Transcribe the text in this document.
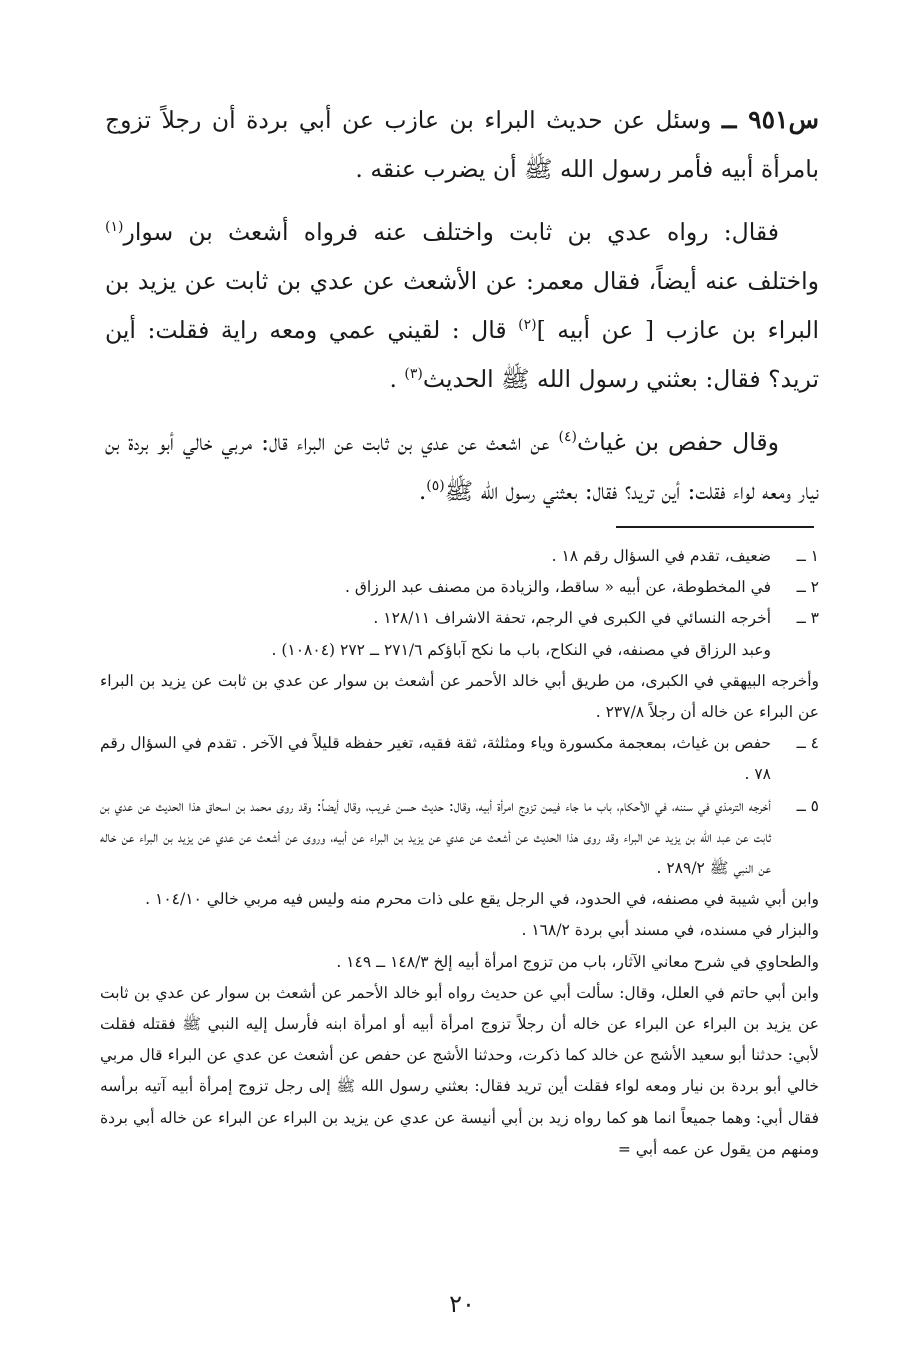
س٩٥١ ــ وسئل عن حديث البراء بن عازب عن أبي بردة أن رجلاً تزوج بامرأة أبيه فأمر رسول الله ﷺ أن يضرب عنقه .

فقال: رواه عدي بن ثابت واختلف عنه فرواه أشعث بن سوار$^{(١)}$ واختلف عنه أيضاً، فقال معمر: عن الأشعث عن عدي بن ثابت عن يزيد بن البراء بن عازب [ عن أبيه ]$^{(٢)}$ قال : لقيني عمي ومعه راية فقلت: أين تريد؟ فقال: بعثني رسول الله ﷺ الحديث$^{(٣)}$ .

وقال حفص بن غياث$^{(٤)}$ عن اشعث عن عدي بن ثابت عن البراء قال: مربي خالي أبو بردة بن نيار ومعه لواء فقلت: أين تريد؟ فقال: بعثني رسول الله ﷺ$^{(٥)}$.

١ ــ
ضعيف، تقدم في السؤال رقم ١٨ .
٢ ــ
في المخطوطة، عن أبيه « ساقط، والزيادة من مصنف عبد الرزاق .
٣ ــ
أخرجه النسائي في الكبرى في الرجم، تحفة الاشراف ١٢٨/١١ .
وعبد الرزاق في مصنفه، في النكاح، باب ما نكح آباؤكم ٢٧١/٦ ــ ٢٧٢ (١٠٨٠٤) .
وأخرجه البيهقي في الكبرى، من طريق أبي خالد الأحمر عن أشعث بن سوار عن عدي بن ثابت عن يزيد بن البراء عن البراء عن خاله أن رجلاً ٢٣٧/٨ .
٤ ــ
حفص بن غياث، بمعجمة مكسورة وياء ومثلثة، ثقة فقيه، تغير حفظه قليلاً في الآخر . تقدم في السؤال رقم ٧٨ .
٥ ــ
أخرجه الترمذي في سننه، في الأحكام، باب ما جاء فيمن تزوج امرأة أبيه، وقال: حديث حسن غريب، وقال أيضاً: وقد روى محمد بن اسحاق هذا الحديث عن عدي بن ثابت عن عبد الله بن يزيد عن البراء وقد روى هذا الحديث عن أشعث عن عدي عن يزيد بن البراء عن أبيه، وروى عن أشعث عن عدي عن يزيد بن البراء عن خاله عن النبي ﷺ ٢٨٩/٢ .
وابن أبي شيبة في مصنفه، في الحدود، في الرجل يقع على ذات محرم منه وليس فيه مربي خالي ١٠٤/١٠ .
والبزار في مسنده، في مسند أبي بردة ١٦٨/٢ .
والطحاوي في شرح معاني الآثار، باب من تزوج امرأة أبيه إلخ ١٤٨/٣ ــ ١٤٩ .
وابن أبي حاتم في العلل، وقال: سألت أبي عن حديث رواه أبو خالد الأحمر عن أشعث بن سوار عن عدي بن ثابت عن يزيد بن البراء عن البراء عن خاله أن رجلاً تزوج امرأة أبيه أو امرأة ابنه فأرسل إليه النبي ﷺ فقتله فقلت لأبي: حدثنا أبو سعيد الأشج عن خالد كما ذكرت، وحدثنا الأشج عن حفص عن أشعث عن عدي عن البراء قال مربي خالي أبو بردة بن نيار ومعه لواء فقلت أين تريد فقال: بعثني رسول الله ﷺ إلى رجل تزوج إمرأة أبيه آتيه برأسه فقال أبي: وهما جميعاً انما هو كما رواه زيد بن أبي أنيسة عن عدي عن يزيد بن البراء عن البراء عن خاله أبي بردة ومنهم من يقول عن عمه أبي =
٢٠
